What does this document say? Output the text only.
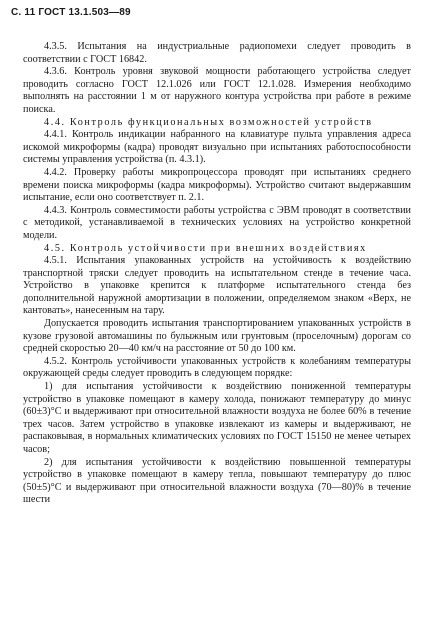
С. 11 ГОСТ 13.1.503—89

4.3.5. Испытания на индустриальные радиопомехи следует проводить в соответствии с ГОСТ 16842.

4.3.6. Контроль уровня звуковой мощности работающего устройства следует проводить согласно ГОСТ 12.1.026 или ГОСТ 12.1.028. Измерения необходимо выполнять на расстоянии 1 м от наружного контура устройства при работе в режиме поиска.

4.4. Контроль функциональных возможностей устройств

4.4.1. Контроль индикации набранного на клавиатуре пульта управления адреса искомой микроформы (кадра) проводят визуально при испытаниях работоспособности системы управления устройства (п. 4.3.1).

4.4.2. Проверку работы микропроцессора проводят при испытаниях среднего времени поиска микроформы (кадра микроформы). Устройство считают выдержавшим испытание, если оно соответствует п. 2.1.

4.4.3. Контроль совместимости работы устройства с ЭВМ проводят в соответствии с методикой, устанавливаемой в технических условиях на устройство конкретной модели.

4.5. Контроль устойчивости при внешних воздействиях

4.5.1. Испытания упакованных устройств на устойчивость к воздействию транспортной тряски следует проводить на испытательном стенде в течение часа. Устройство в упаковке крепится к платформе испытательного стенда без дополнительной наружной амортизации в положении, определяемом знаком «Верх, не кантовать», нанесенным на тару.

Допускается проводить испытания транспортированием упакованных устройств в кузове грузовой автомашины по булыжным или грунтовым (проселочным) дорогам со средней скоростью 20—40 км/ч на расстояние от 50 до 100 км.

4.5.2. Контроль устойчивости упакованных устройств к колебаниям температуры окружающей среды следует проводить в следующем порядке:

1) для испытания устойчивости к воздействию пониженной температуры устройство в упаковке помещают в камеру холода, понижают температуру до минус (60±3)°С и выдерживают при относительной влажности воздуха не более 60% в течение трех часов. Затем устройство в упаковке извлекают из камеры и выдерживают, не распаковывая, в нормальных климатических условиях по ГОСТ 15150 не менее четырех часов;

2) для испытания устойчивости к воздействию повышенной температуры устройство в упаковке помещают в камеру тепла, повышают температуру до плюс (50±5)°С и выдерживают при относительной влажности воздуха (70—80)% в течение шести
